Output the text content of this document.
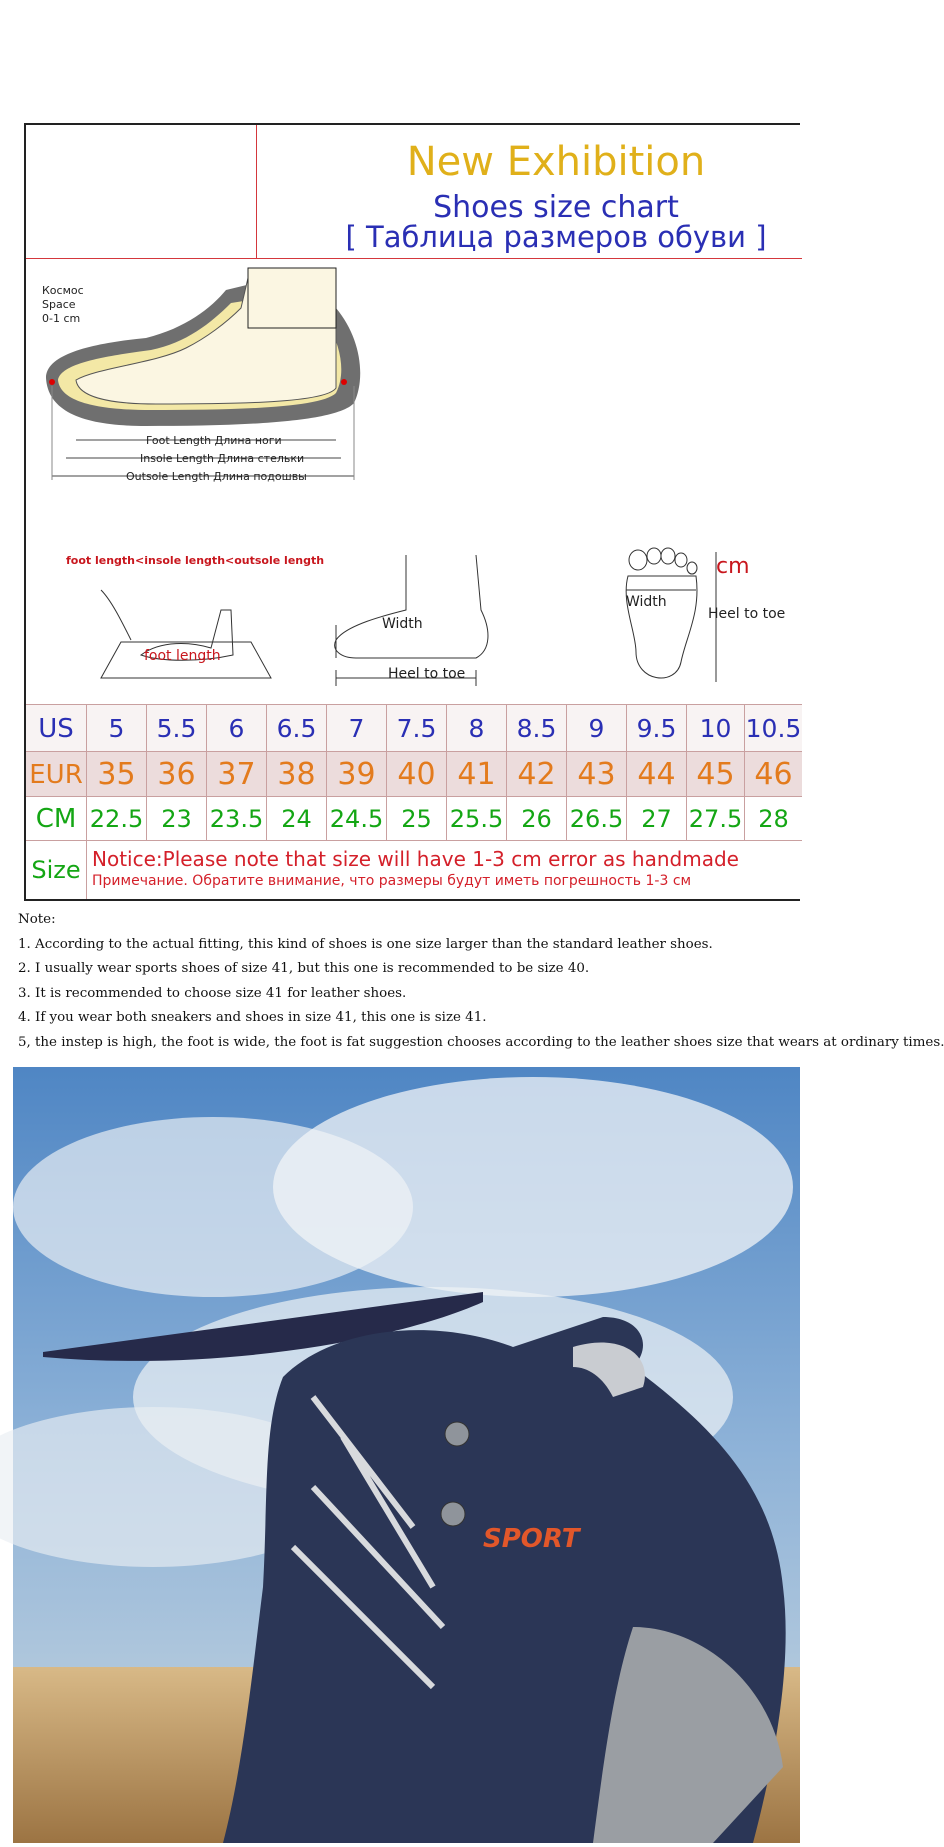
New Exhibition
Shoes size chart
[ Таблица размеров обуви ]
Космос
Space
0-1 cm
Foot Length Длина ноги
Insole Length Длина стельки
Outsole Length Длина подошвы
foot length<insole length<outsole length
foot length
Width
Heel to toe
Width
cm
Heel to toe
US	5	5.5	6	6.5	7	7.5	8	8.5	9	9.5 10 10.5
EUR 35 36 37 38 39 40 41 42 43 44 45 46
CM 22.5 23 23.5 24 24.5 25 25.5 26 26.5 27 27.5 28
Size Notice:Please note that size will have 1-3 cm error as handmade
Примечание. Обратите внимание, что размеры будут иметь погрешность 1-3 см
Note:
1. According to the actual fitting, this kind of shoes is one size larger than the standard leather shoes.
2. I usually wear sports shoes of size 41, but this one is recommended to be size 40.
3. It is recommended to choose size 41 for leather shoes.
4. If you wear both sneakers and shoes in size 41, this one is size 41.
5, the instep is high, the foot is wide, the foot is fat suggestion chooses according to the leather shoes size that wears at ordinary times.
SPORT
